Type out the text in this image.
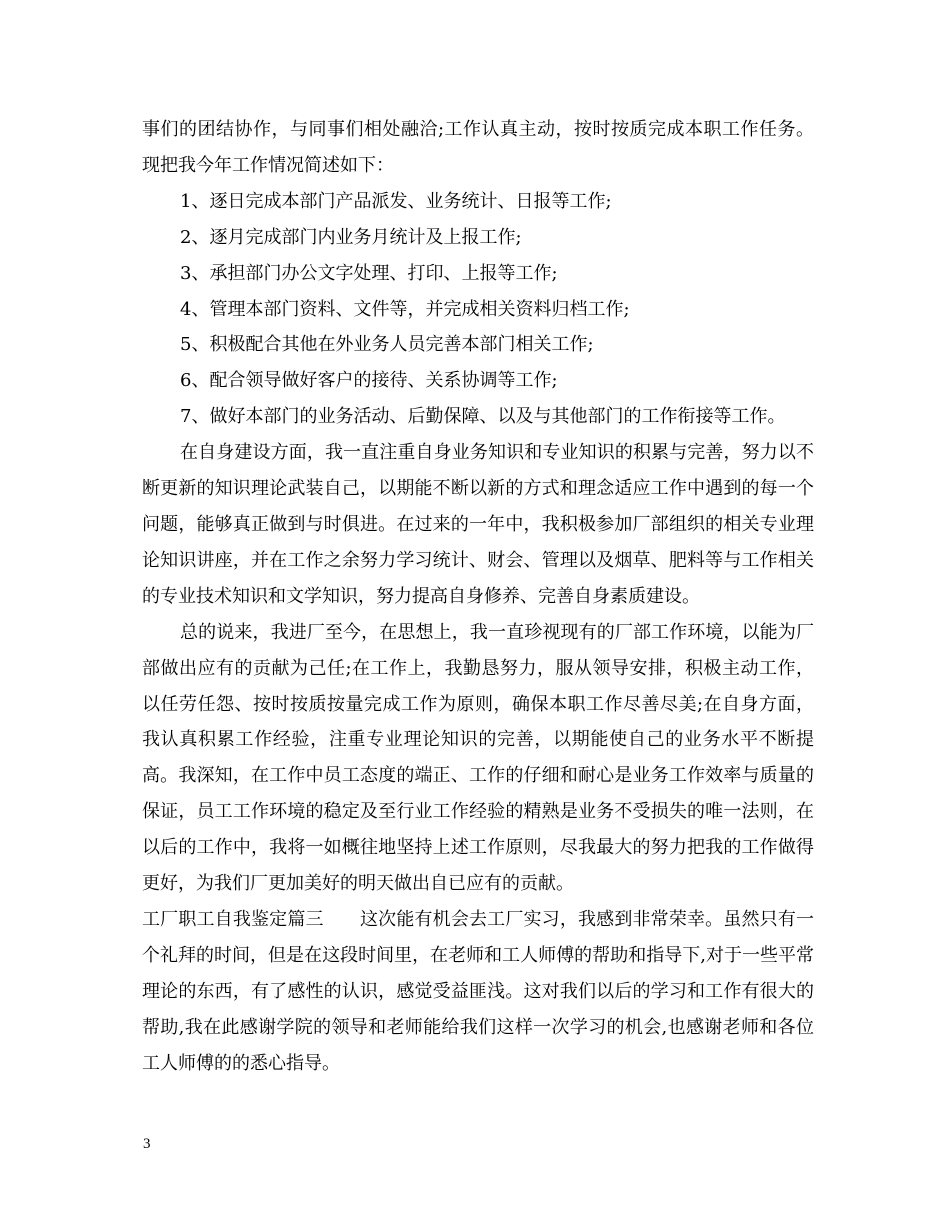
事们的团结协作，与同事们相处融洽;工作认真主动，按时按质完成本职工作任务。现把我今年工作情况简述如下：

1、逐日完成本部门产品派发、业务统计、日报等工作;

2、逐月完成部门内业务月统计及上报工作;

3、承担部门办公文字处理、打印、上报等工作;

4、管理本部门资料、文件等，并完成相关资料归档工作;

5、积极配合其他在外业务人员完善本部门相关工作;

6、配合领导做好客户的接待、关系协调等工作;

7、做好本部门的业务活动、后勤保障、以及与其他部门的工作衔接等工作。

在自身建设方面，我一直注重自身业务知识和专业知识的积累与完善，努力以不断更新的知识理论武装自己，以期能不断以新的方式和理念适应工作中遇到的每一个问题，能够真正做到与时俱进。在过来的一年中，我积极参加厂部组织的相关专业理论知识讲座，并在工作之余努力学习统计、财会、管理以及烟草、肥料等与工作相关的专业技术知识和文学知识，努力提高自身修养、完善自身素质建设。

总的说来，我进厂至今，在思想上，我一直珍视现有的厂部工作环境，以能为厂部做出应有的贡献为己任;在工作上，我勤恳努力，服从领导安排，积极主动工作，以任劳任怨、按时按质按量完成工作为原则，确保本职工作尽善尽美;在自身方面，我认真积累工作经验，注重专业理论知识的完善，以期能使自己的业务水平不断提高。我深知，在工作中员工态度的端正、工作的仔细和耐心是业务工作效率与质量的保证，员工工作环境的稳定及至行业工作经验的精熟是业务不受损失的唯一法则，在以后的工作中，我将一如概往地坚持上述工作原则，尽我最大的努力把我的工作做得更好，为我们厂更加美好的明天做出自已应有的贡献。

工厂职工自我鉴定篇三　　这次能有机会去工厂实习，我感到非常荣幸。虽然只有一个礼拜的时间，但是在这段时间里，在老师和工人师傅的帮助和指导下,对于一些平常理论的东西，有了感性的认识，感觉受益匪浅。这对我们以后的学习和工作有很大的帮助,我在此感谢学院的领导和老师能给我们这样一次学习的机会,也感谢老师和各位工人师傅的的悉心指导。

3
